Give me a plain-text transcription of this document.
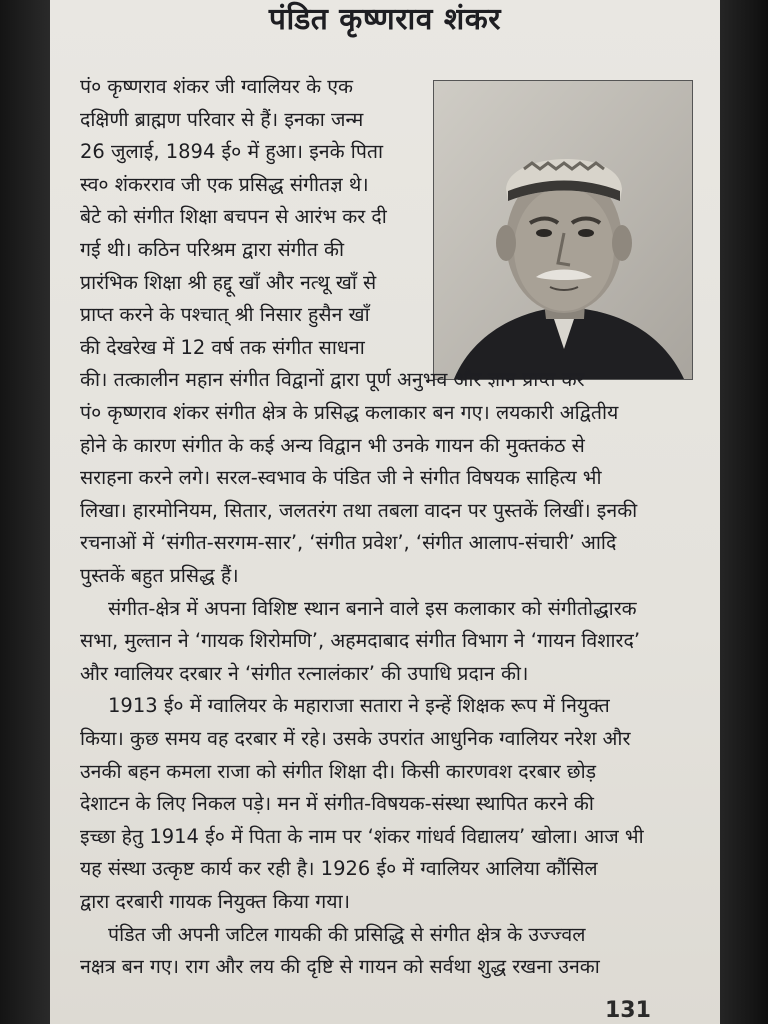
पंडित कृष्णराव शंकर
पं० कृष्णराव शंकर जी ग्वालियर के एक
दक्षिणी ब्राह्मण परिवार से हैं। इनका जन्म
26 जुलाई, 1894 ई० में हुआ। इनके पिता
स्व० शंकरराव जी एक प्रसिद्ध संगीतज्ञ थे।
बेटे को संगीत शिक्षा बचपन से आरंभ कर दी
गई थी। कठिन परिश्रम द्वारा संगीत की
प्रारंभिक शिक्षा श्री हद्दू खाँ और नत्थू खाँ से
प्राप्त करने के पश्चात् श्री निसार हुसैन खाँ
की देखरेख में 12 वर्ष तक संगीत साधना
की। तत्कालीन महान संगीत विद्वानों द्वारा पूर्ण अनुभव और ज्ञान प्राप्त कर
पं० कृष्णराव शंकर संगीत क्षेत्र के प्रसिद्ध कलाकार बन गए। लयकारी अद्वितीय
होने के कारण संगीत के कई अन्य विद्वान भी उनके गायन की मुक्तकंठ से
सराहना करने लगे। सरल-स्वभाव के पंडित जी ने संगीत विषयक साहित्य भी
लिखा। हारमोनियम, सितार, जलतरंग तथा तबला वादन पर पुस्तकें लिखीं। इनकी
रचनाओं में ‘संगीत-सरगम-सार’, ‘संगीत प्रवेश’, ‘संगीत आलाप-संचारी’ आदि
पुस्तकें बहुत प्रसिद्ध हैं।
संगीत-क्षेत्र में अपना विशिष्ट स्थान बनाने वाले इस कलाकार को संगीतोद्धारक
सभा, मुल्तान ने ‘गायक शिरोमणि’, अहमदाबाद संगीत विभाग ने ‘गायन विशारद’
और ग्वालियर दरबार ने ‘संगीत रत्नालंकार’ की उपाधि प्रदान की।
1913 ई० में ग्वालियर के महाराजा सतारा ने इन्हें शिक्षक रूप में नियुक्त
किया। कुछ समय वह दरबार में रहे। उसके उपरांत आधुनिक ग्वालियर नरेश और
उनकी बहन कमला राजा को संगीत शिक्षा दी। किसी कारणवश दरबार छोड़
देशाटन के लिए निकल पड़े। मन में संगीत-विषयक-संस्था स्थापित करने की
इच्छा हेतु 1914 ई० में पिता के नाम पर ‘शंकर गांधर्व विद्यालय’ खोला। आज भी
यह संस्था उत्कृष्ट कार्य कर रही है। 1926 ई० में ग्वालियर आलिया कौंसिल
द्वारा दरबारी गायक नियुक्त किया गया।
पंडित जी अपनी जटिल गायकी की प्रसिद्धि से संगीत क्षेत्र के उज्ज्वल
नक्षत्र बन गए। राग और लय की दृष्टि से गायन को सर्वथा शुद्ध रखना उनका
131
